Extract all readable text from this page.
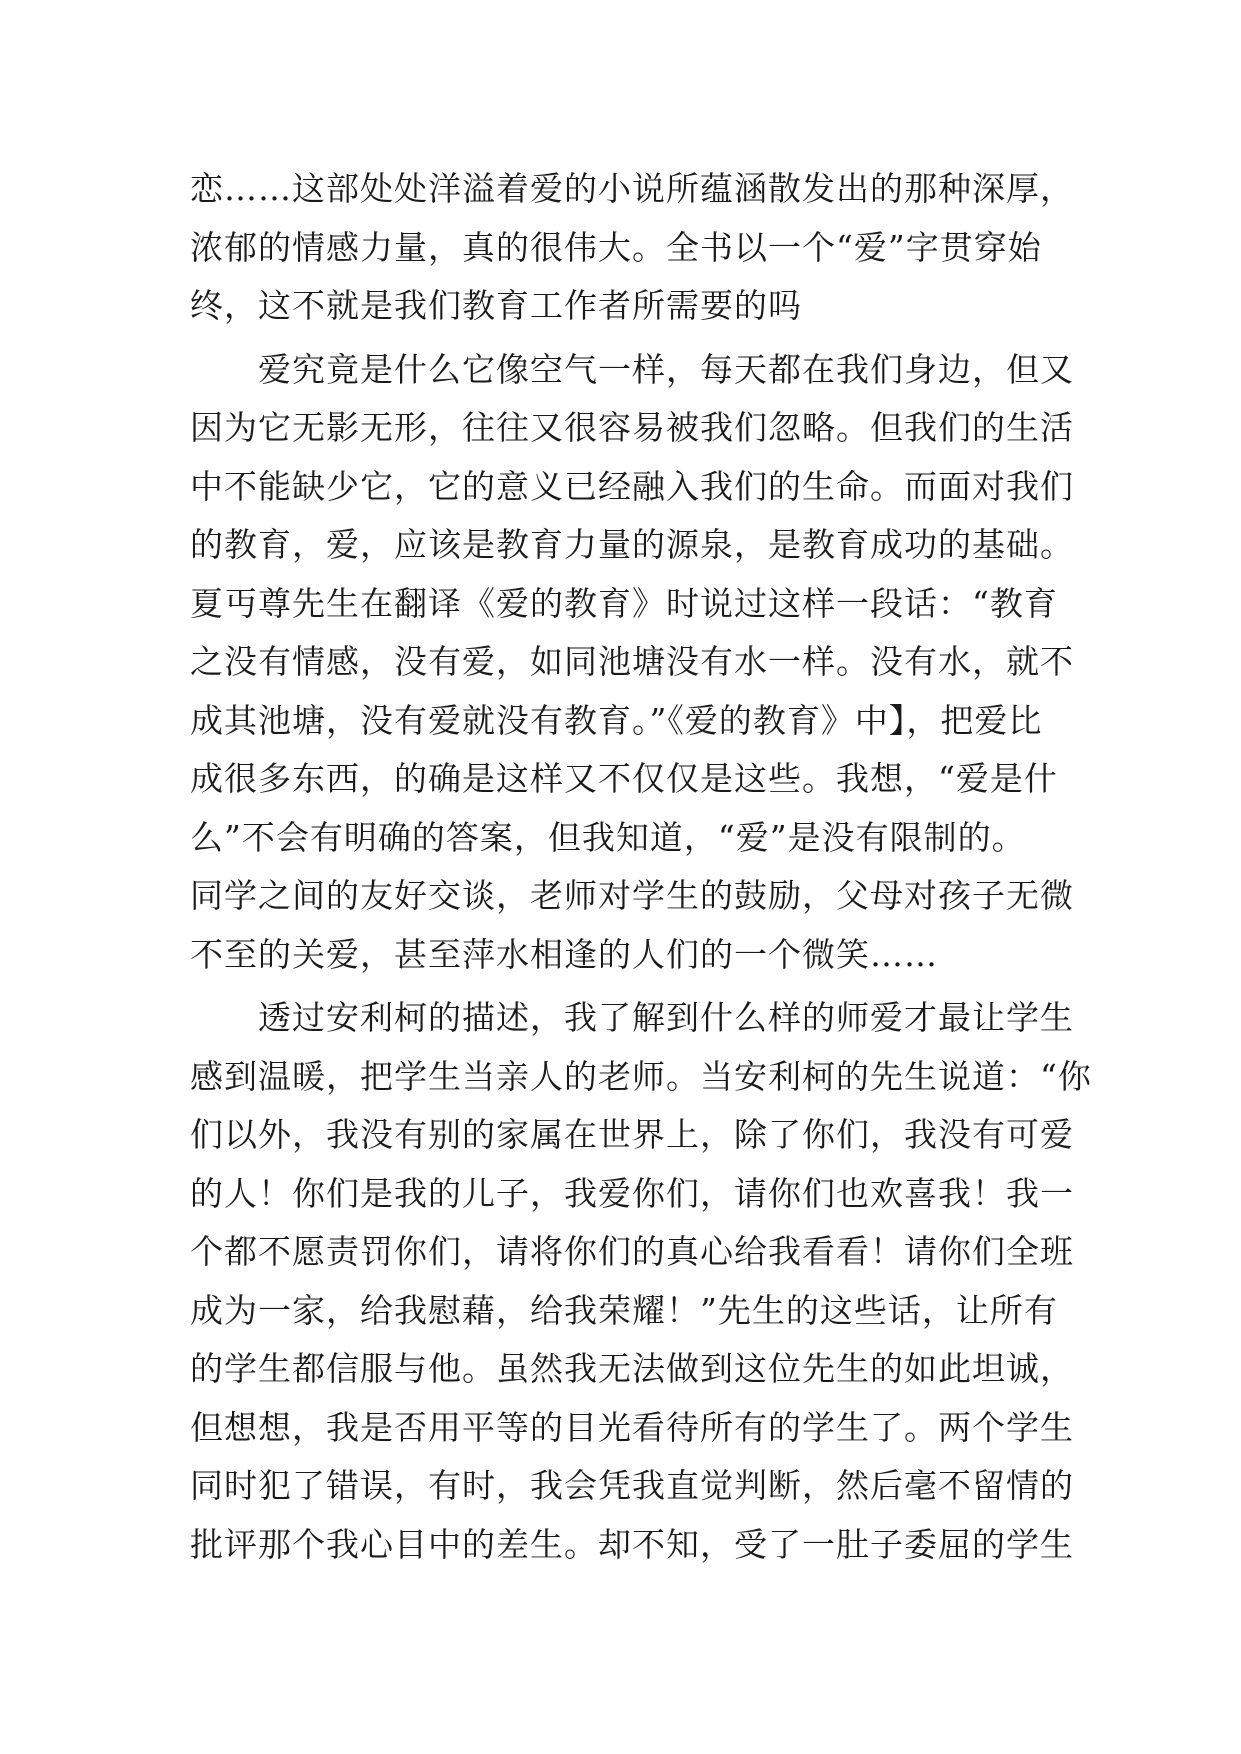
恋……这部处处洋溢着爱的小说所蕴涵散发出的那种深厚，
浓郁的情感力量，真的很伟大。全书以一个“爱”字贯穿始
终，这不就是我们教育工作者所需要的吗
　　爱究竟是什么它像空气一样，每天都在我们身边，但又
因为它无影无形，往往又很容易被我们忽略。但我们的生活
中不能缺少它，它的意义已经融入我们的生命。而面对我们
的教育，爱，应该是教育力量的源泉，是教育成功的基础。
夏丏尊先生在翻译《爱的教育》时说过这样一段话：“教育
之没有情感，没有爱，如同池塘没有水一样。没有水，就不
成其池塘，没有爱就没有教育。”《爱的教育》中】，把爱比
成很多东西，的确是这样又不仅仅是这些。我想，“爱是什
么”不会有明确的答案，但我知道，“爱”是没有限制的。
同学之间的友好交谈，老师对学生的鼓励，父母对孩子无微
不至的关爱，甚至萍水相逢的人们的一个微笑……
　　透过安利柯的描述，我了解到什么样的师爱才最让学生
感到温暖，把学生当亲人的老师。当安利柯的先生说道：“你
们以外，我没有别的家属在世界上，除了你们，我没有可爱
的人！你们是我的儿子，我爱你们，请你们也欢喜我！我一
个都不愿责罚你们，请将你们的真心给我看看！请你们全班
成为一家，给我慰藉，给我荣耀！”先生的这些话，让所有
的学生都信服与他。虽然我无法做到这位先生的如此坦诚，
但想想，我是否用平等的目光看待所有的学生了。两个学生
同时犯了错误，有时，我会凭我直觉判断，然后毫不留情的
批评那个我心目中的差生。却不知，受了一肚子委屈的学生
